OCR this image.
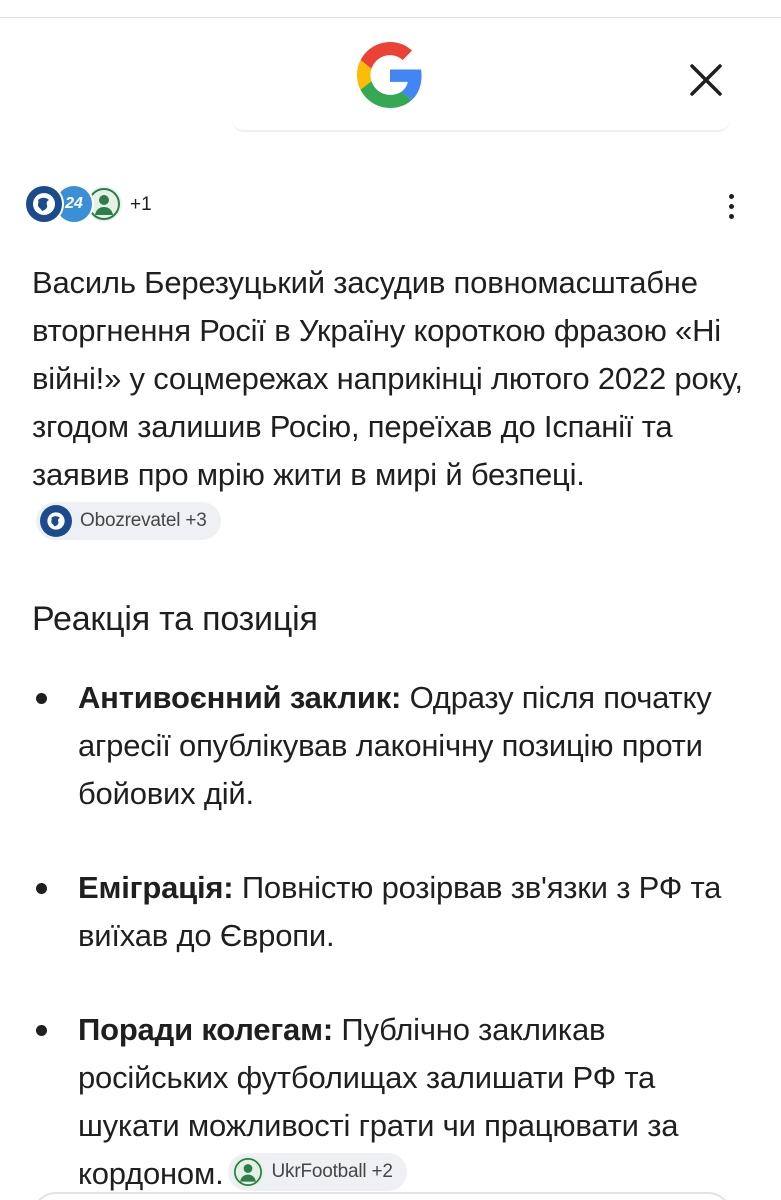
24 +1
Василь Березуцький засудив повномасштабне вторгнення Росії в Україну короткою фразою «Ні війні!» у соцмережах наприкінці лютого 2022 року, згодом залишив Росію, переїхав до Іспанії та заявив про мрію жити в мирі й безпеці.
Obozrevatel +3
Реакція та позиція
Антивоєнний заклик: Одразу після початку агресії опублікував лаконічну позицію проти бойових дій.
Еміграція: Повністю розірвав зв'язки з РФ та виїхав до Європи.
Поради колегам: Публічно закликав російських футболищах залишати РФ та шукати можливості грати чи працювати за кордоном.	UkrFootball +2
